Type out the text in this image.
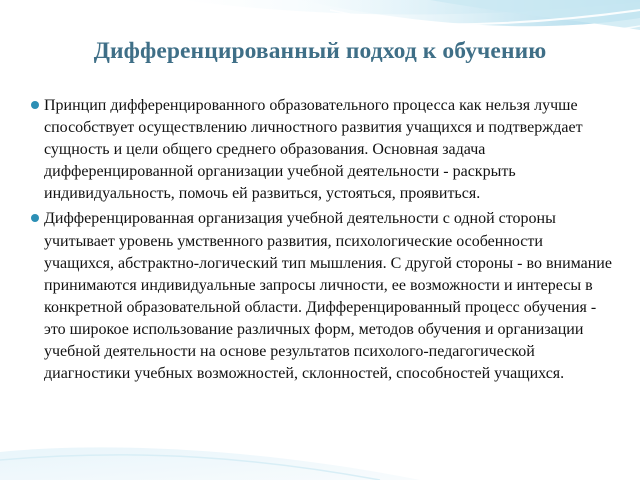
Дифференцированный подход к обучению
Принцип дифференцированного образовательного процесса как нельзя лучше способствует осуществлению личностного развития учащихся и подтверждает сущность и цели общего среднего образования. Основная задача дифференцированной организации учебной деятельности - раскрыть индивидуальность, помочь ей развиться, устояться, проявиться.
Дифференцированная организация учебной деятельности с одной стороны учитывает уровень умственного развития, психологические особенности учащихся, абстрактно-логический тип мышления. С другой стороны - во внимание принимаются индивидуальные запросы личности, ее возможности и интересы в конкретной образовательной области. Дифференцированный процесс обучения - это широкое использование различных форм, методов обучения и организации учебной деятельности на основе результатов психолого-педагогической диагностики учебных возможностей, склонностей, способностей учащихся.
